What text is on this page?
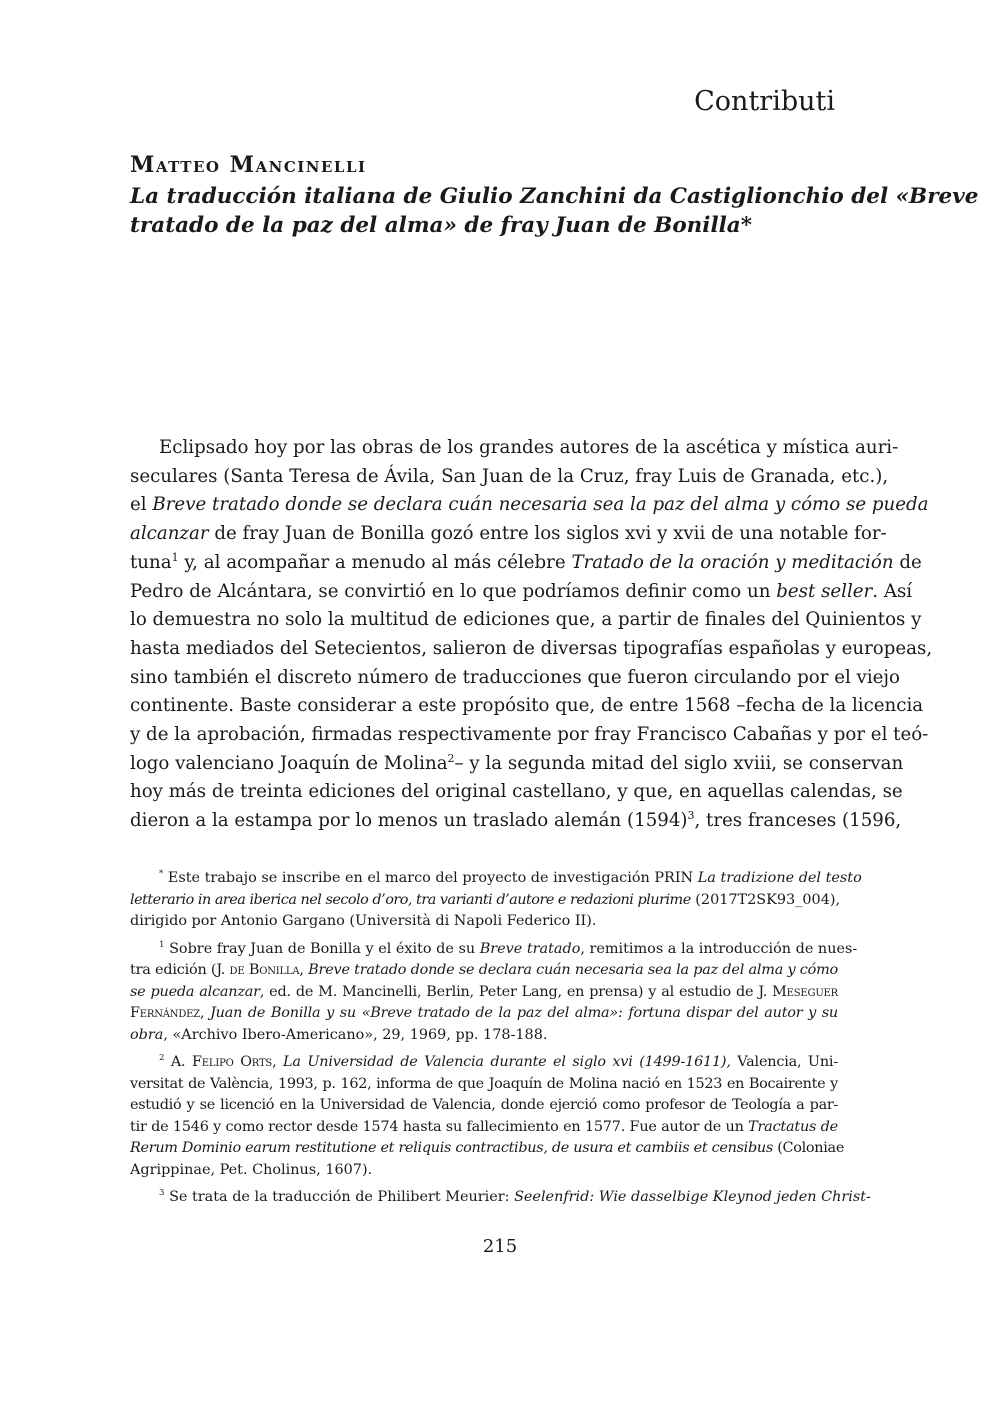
Contributi
Matteo Mancinelli
La traducción italiana de Giulio Zanchini da Castiglionchio del «Breve
tratado de la paz del alma» de fray Juan de Bonilla*
Eclipsado hoy por las obras de los grandes autores de la ascética y mística auri-
seculares (Santa Teresa de Ávila, San Juan de la Cruz, fray Luis de Granada, etc.),
el Breve tratado donde se declara cuán necesaria sea la paz del alma y cómo se pueda
alcanzar de fray Juan de Bonilla gozó entre los siglos xvi y xvii de una notable for-
tuna$^1$ y, al acompañar a menudo al más célebre Tratado de la oración y meditación de
Pedro de Alcántara, se convirtió en lo que podríamos definir como un best seller. Así
lo demuestra no solo la multitud de ediciones que, a partir de finales del Quinientos y
hasta mediados del Setecientos, salieron de diversas tipografías españolas y europeas,
sino también el discreto número de traducciones que fueron circulando por el viejo
continente. Baste considerar a este propósito que, de entre 1568 –fecha de la licencia
y de la aprobación, firmadas respectivamente por fray Francisco Cabañas y por el teó-
logo valenciano Joaquín de Molina$^2$– y la segunda mitad del siglo xviii, se conservan
hoy más de treinta ediciones del original castellano, y que, en aquellas calendas, se
dieron a la estampa por lo menos un traslado alemán $(1594)^3$, tres franceses (1596,
* Este trabajo se inscribe en el marco del proyecto de investigación PRIN La tradizione del testo
letterario in area iberica nel secolo d’oro, tra varianti d’autore e redazioni plurime (2017T2SK93_004),
dirigido por Antonio Gargano (Università di Napoli Federico II).
$^1$ Sobre fray Juan de Bonilla y el éxito de su Breve tratado, remitimos a la introducción de nues-
tra edición (J. de Bonilla, Breve tratado donde se declara cuán necesaria sea la paz del alma y cómo
se pueda alcanzar, ed. de M. Mancinelli, Berlin, Peter Lang, en prensa) y al estudio de J. Meseguer
Fernández, Juan de Bonilla y su «Breve tratado de la paz del alma»: fortuna dispar del autor y su
obra, «Archivo Ibero-Americano», 29, 1969, pp. 178-188.
$^2$ A. Felipo Orts, La Universidad de Valencia durante el siglo xvi (1499-1611), Valencia, Uni-
versitat de València, 1993, p. 162, informa de que Joaquín de Molina nació en 1523 en Bocairente y
estudió y se licenció en la Universidad de Valencia, donde ejerció como profesor de Teología a par-
tir de 1546 y como rector desde 1574 hasta su fallecimiento en 1577. Fue autor de un Tractatus de
Rerum Dominio earum restitutione et reliquis contractibus, de usura et cambiis et censibus (Coloniae
Agrippinae, Pet. Cholinus, 1607).
$^3$ Se trata de la traducción de Philibert Meurier: Seelenfrid: Wie dasselbige Kleynod jeden Christ-

215
